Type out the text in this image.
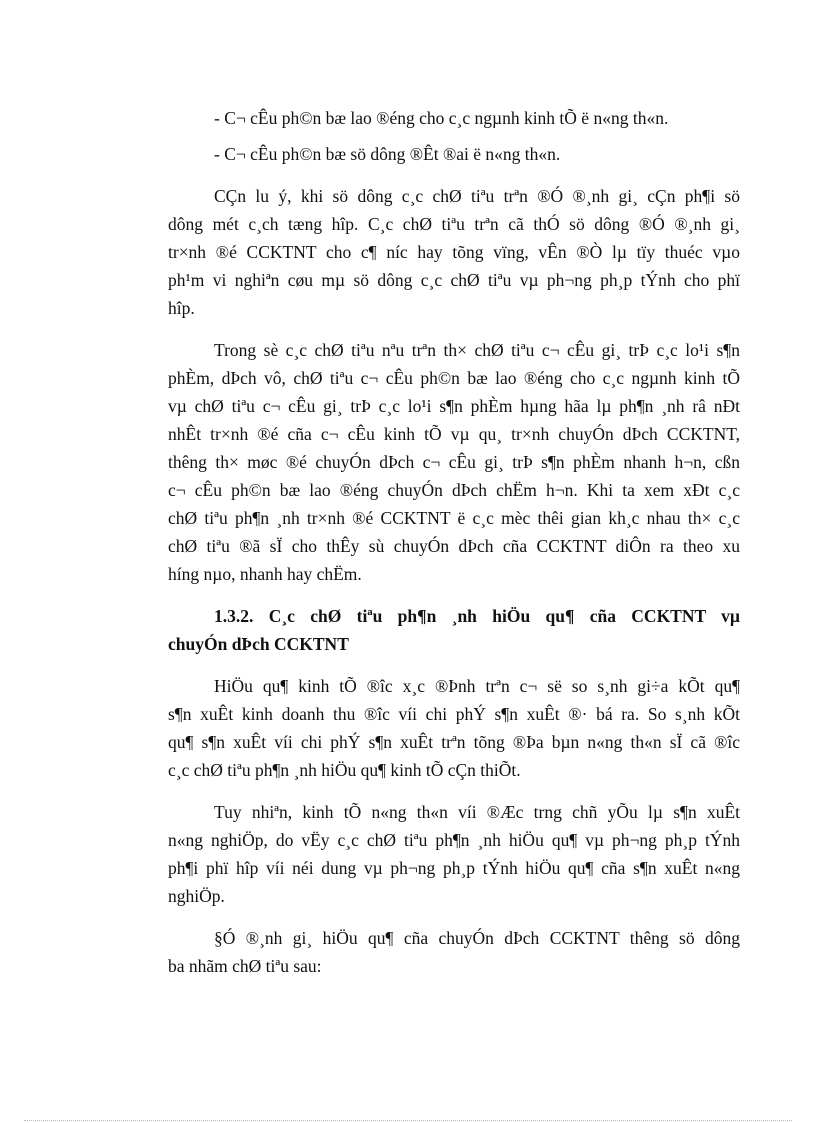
- C¬ cÊu ph©n bæ lao ®éng cho c¸c ngµnh kinh tÕ ë n«ng th«n.
- C¬ cÊu ph©n bæ sö dông ®Êt ®ai ë n«ng th«n.
CÇn lu ý, khi sö dông c¸c chØ tiªu trªn ®Ó ®¸nh gi¸ cÇn ph¶i sö
dông mét c¸ch tæng hîp. C¸c chØ tiªu trªn cã thÓ sö dông ®Ó ®¸nh gi¸
tr×nh ®é CCKTNT cho c¶ níc hay tõng vïng, vÊn ®Ò lµ tïy thuéc vµo
ph¹m vi nghiªn cøu mµ sö dông c¸c chØ tiªu vµ ph¬ng ph¸p tÝnh cho phï
hîp.
Trong sè c¸c chØ tiªu nªu trªn th× chØ tiªu c¬ cÊu gi¸ trÞ c¸c lo¹i s¶n
phÈm, dÞch vô, chØ tiªu c¬ cÊu ph©n bæ lao ®éng cho c¸c ngµnh kinh tÕ
vµ chØ tiªu c¬ cÊu gi¸ trÞ c¸c lo¹i s¶n phÈm hµng hãa lµ ph¶n ¸nh râ nÐt
nhÊt tr×nh ®é cña c¬ cÊu kinh tÕ vµ qu¸ tr×nh chuyÓn dÞch CCKTNT,
thêng th× møc ®é chuyÓn dÞch c¬ cÊu gi¸ trÞ s¶n phÈm nhanh h¬n, cßn
c¬ cÊu ph©n bæ lao ®éng chuyÓn dÞch chËm h¬n. Khi ta xem xÐt c¸c
chØ tiªu ph¶n ¸nh tr×nh ®é CCKTNT ë c¸c mèc thêi gian kh¸c nhau th× c¸c
chØ tiªu ®ã sÏ cho thÊy sù chuyÓn dÞch cña CCKTNT diÔn ra theo xu
híng nµo, nhanh hay chËm.
1.3.2. C¸c chØ tiªu ph¶n ¸nh hiÖu qu¶ cña CCKTNT vµ
chuyÓn dÞch CCKTNT
HiÖu qu¶ kinh tÕ ®îc x¸c ®Þnh trªn c¬ së so s¸nh gi÷a kÕt qu¶
s¶n xuÊt kinh doanh thu ®îc víi chi phÝ s¶n xuÊt ®· bá ra. So s¸nh kÕt
qu¶ s¶n xuÊt víi chi phÝ s¶n xuÊt trªn tõng ®Þa bµn n«ng th«n sÏ cã ®îc
c¸c chØ tiªu ph¶n ¸nh hiÖu qu¶ kinh tÕ cÇn thiÕt.
Tuy nhiªn, kinh tÕ n«ng th«n víi ®Æc trng chñ yÕu lµ s¶n xuÊt
n«ng nghiÖp, do vËy c¸c chØ tiªu ph¶n ¸nh hiÖu qu¶ vµ ph¬ng ph¸p tÝnh
ph¶i phï hîp víi néi dung vµ ph¬ng ph¸p tÝnh hiÖu qu¶ cña s¶n xuÊt n«ng
nghiÖp.
§Ó ®¸nh gi¸ hiÖu qu¶ cña chuyÓn dÞch CCKTNT thêng sö dông
ba nhãm chØ tiªu sau:
